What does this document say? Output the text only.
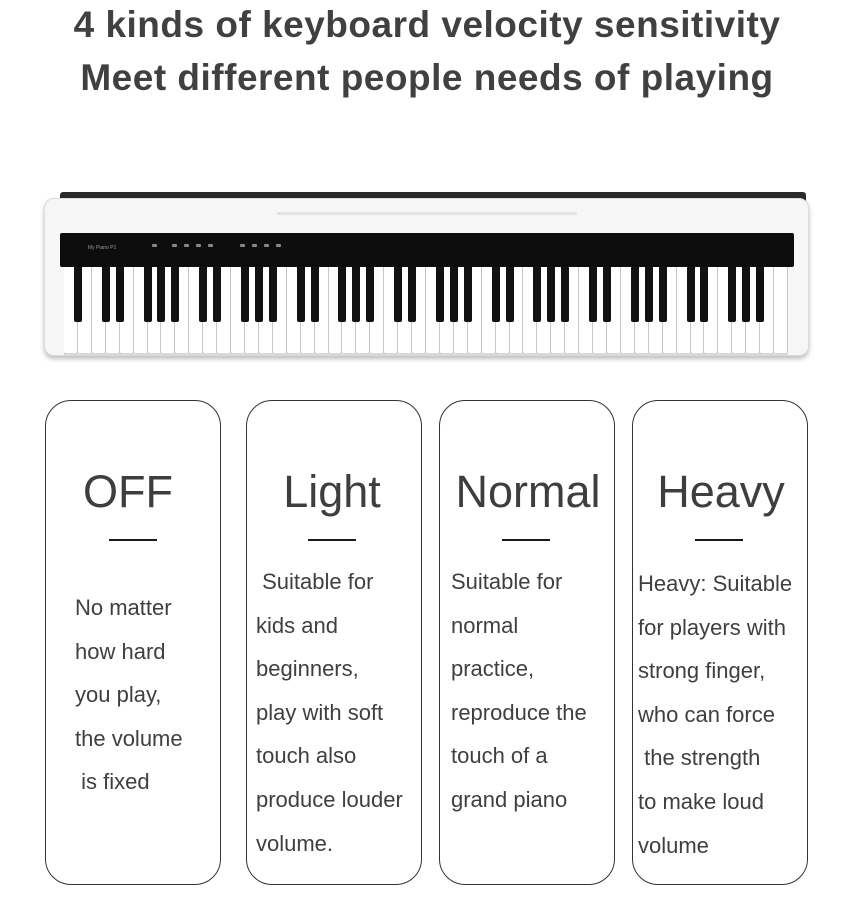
4 kinds of keyboard velocity sensitivity
Meet different people needs of playing
My Piano P1
OFF	Light	Normal	Heavy
No matter
how hard
you play,
the volume
is fixed
Suitable for
kids and
beginners,
play with soft
touch also
produce louder
volume.
Suitable for
normal
practice,
reproduce the
touch of a
grand piano
Heavy: Suitable
for players with
strong finger,
who can force
the strength
to make loud
volume
